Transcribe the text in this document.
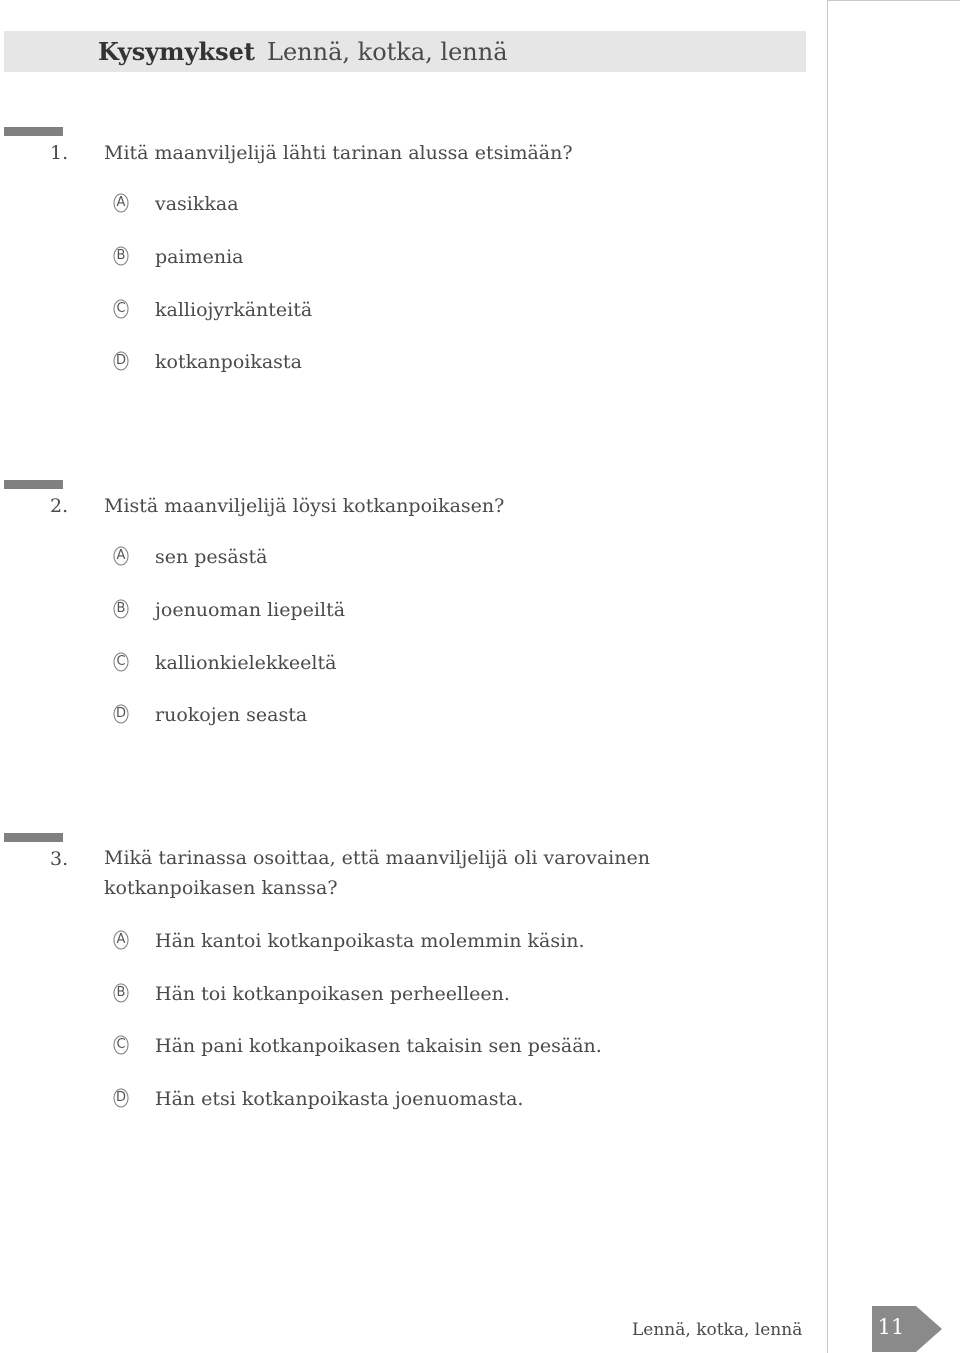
Kysymykset Lennä, kotka, lennä
1. Mitä maanviljelijä lähti tarinan alussa etsimään?
A vasikkaa
B paimenia
C kalliojyrkänteitä
D kotkanpoikasta
2. Mistä maanviljelijä löysi kotkanpoikasen?
A sen pesästä
B joenuoman liepeiltä
C kallionkielekkeeltä
D ruokojen seasta
3. Mikä tarinassa osoittaa, että maanviljelijä oli varovainen kotkanpoikasen kanssa?
A Hän kantoi kotkanpoikasta molemmin käsin.
B Hän toi kotkanpoikasen perheelleen.
C Hän pani kotkanpoikasen takaisin sen pesään.
D Hän etsi kotkanpoikasta joenuomasta.
Lennä, kotka, lennä	11
